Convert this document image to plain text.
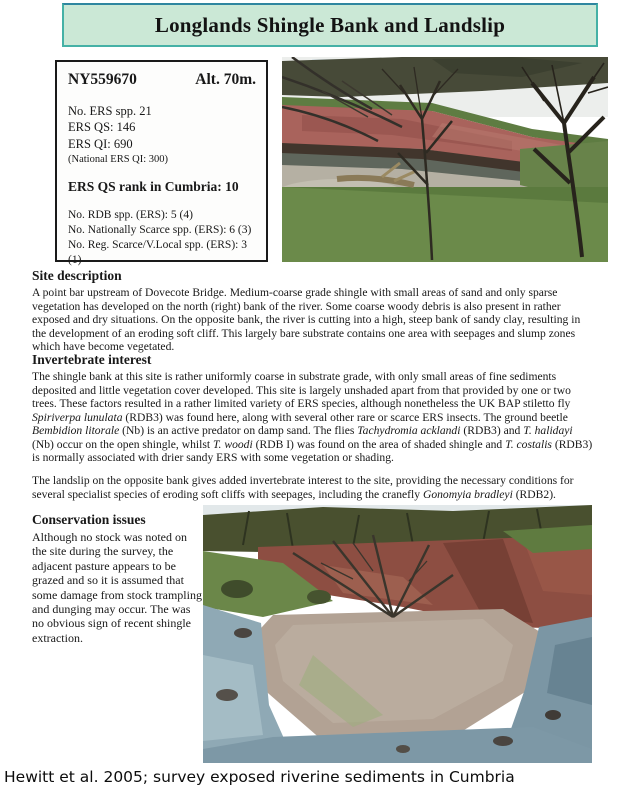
Longlands Shingle Bank and Landslip
NY559670	Alt. 70m.
No. ERS spp. 21
ERS QS: 146
ERS QI: 690
(National ERS QI: 300)
ERS QS rank in Cumbria: 10
No. RDB spp. (ERS): 5 (4)
No. Nationally Scarce spp. (ERS): 6 (3)
No. Reg. Scarce/V.Local spp. (ERS): 3 (1)
Site description

A point bar upstream of Dovecote Bridge. Medium-coarse grade shingle with small areas of sand and only sparse vegetation has developed on the north (right) bank of the river. Some coarse woody debris is also present in rather exposed and dry situations. On the opposite bank, the river is cutting into a high, steep bank of sandy clay, resulting in the development of an eroding soft cliff. This largely bare substrate contains one area with seepages and slump zones which have become vegetated.

Invertebrate interest

The shingle bank at this site is rather uniformly coarse in substrate grade, with only small areas of fine sediments deposited and little vegetation cover developed. This site is largely unshaded apart from that provided by one or two trees. These factors resulted in a rather limited variety of ERS species, although nonetheless the UK BAP stiletto fly Spiriverpa lunulata (RDB3) was found here, along with several other rare or scarce ERS insects. The ground beetle Bembidion litorale (Nb) is an active predator on damp sand. The flies Tachydromia acklandi (RDB3) and T. halidayi (Nb) occur on the open shingle, whilst T. woodi (RDB I) was found on the area of shaded shingle and T. costalis (RDB3) is normally associated with drier sandy ERS with some vegetation or shading.

The landslip on the opposite bank gives added invertebrate interest to the site, providing the necessary conditions for several specialist species of eroding soft cliffs with seepages, including the cranefly Gonomyia bradleyi (RDB2).

Conservation issues

Although no stock was noted on the site during the survey, the adjacent pasture appears to be grazed and so it is assumed that some damage from stock trampling and dunging may occur. The was no obvious sign of recent shingle extraction.

Hewitt et al. 2005; survey exposed riverine sediments in Cumbria
